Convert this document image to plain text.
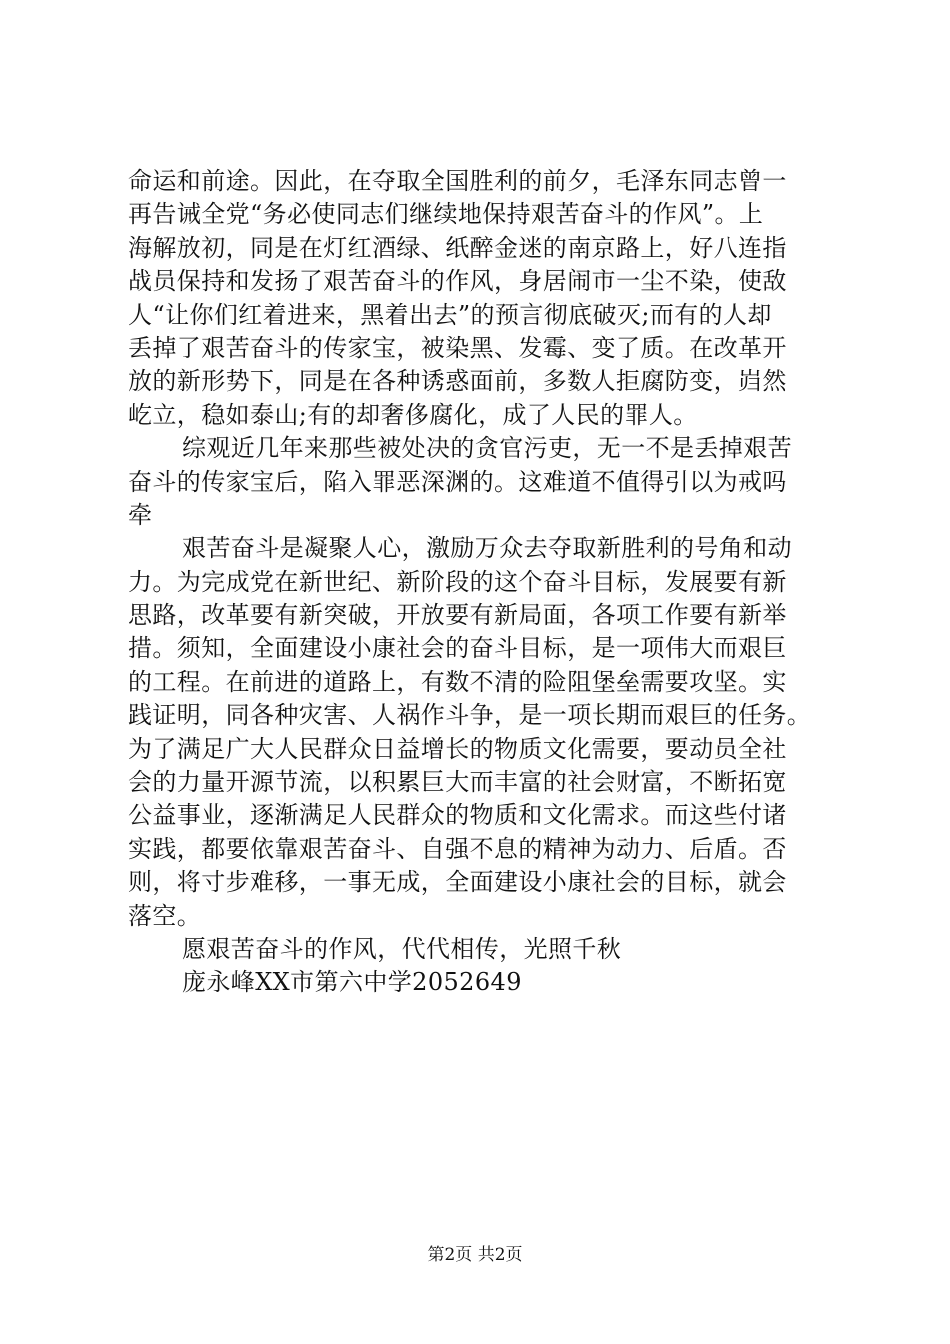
命运和前途。因此，在夺取全国胜利的前夕，毛泽东同志曾一
再告诫全党“务必使同志们继续地保持艰苦奋斗的作风”。上
海解放初，同是在灯红酒绿、纸醉金迷的南京路上，好八连指
战员保持和发扬了艰苦奋斗的作风，身居闹市一尘不染，使敌
人“让你们红着进来，黑着出去”的预言彻底破灭;而有的人却
丢掉了艰苦奋斗的传家宝，被染黑、发霉、变了质。在改革开
放的新形势下，同是在各种诱惑面前，多数人拒腐防变，岿然
屹立，稳如泰山;有的却奢侈腐化，成了人民的罪人。
综观近几年来那些被处决的贪官污吏，无一不是丢掉艰苦
奋斗的传家宝后，陷入罪恶深渊的。这难道不值得引以为戒吗
牵
艰苦奋斗是凝聚人心，激励万众去夺取新胜利的号角和动
力。为完成党在新世纪、新阶段的这个奋斗目标，发展要有新
思路，改革要有新突破，开放要有新局面，各项工作要有新举
措。须知，全面建设小康社会的奋斗目标，是一项伟大而艰巨
的工程。在前进的道路上，有数不清的险阻堡垒需要攻坚。实
践证明，同各种灾害、人祸作斗争，是一项长期而艰巨的任务。
为了满足广大人民群众日益增长的物质文化需要，要动员全社
会的力量开源节流，以积累巨大而丰富的社会财富，不断拓宽
公益事业，逐渐满足人民群众的物质和文化需求。而这些付诸
实践，都要依靠艰苦奋斗、自强不息的精神为动力、后盾。否
则，将寸步难移，一事无成，全面建设小康社会的目标，就会
落空。
愿艰苦奋斗的作风，代代相传，光照千秋
庞永峰XX市第六中学2052649
第2页 共2页
